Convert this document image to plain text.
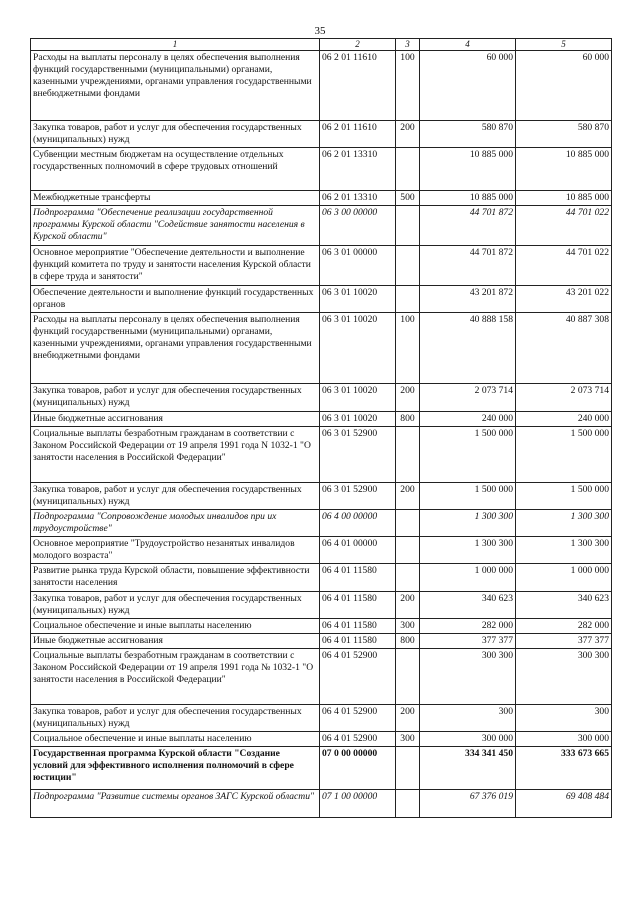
35
1	2	3	4	5
Расходы на выплаты персоналу в целях обеспечения выполнения функций государственными (муниципальными) органами, казенными учреждениями, органами управления государственными внебюджетными фондами	06 2 01 11610	100	60 000	60 000
Закупка товаров, работ и услуг для обеспечения государственных (муниципальных) нужд	06 2 01 11610	200	580 870	580 870
Субвенции местным бюджетам на осуществление отдельных государственных полномочий в сфере трудовых отношений	06 2 01 13310		10 885 000	10 885 000
Межбюджетные трансферты	06 2 01 13310	500	10 885 000	10 885 000
Подпрограмма "Обеспечение реализации государственной программы Курской области "Содействие занятости населения в Курской области"	06 3 00 00000		44 701 872	44 701 022
Основное мероприятие "Обеспечение деятельности и выполнение функций комитета по труду и занятости населения Курской области в сфере труда и занятости"	06 3 01 00000		44 701 872	44 701 022
Обеспечение деятельности и выполнение функций государственных органов	06 3 01 10020		43 201 872	43 201 022
Расходы на выплаты персоналу в целях обеспечения выполнения функций государственными (муниципальными) органами, казенными учреждениями, органами управления государственными внебюджетными фондами	06 3 01 10020	100	40 888 158	40 887 308
Закупка товаров, работ и услуг для обеспечения государственных (муниципальных) нужд	06 3 01 10020	200	2 073 714	2 073 714
Иные бюджетные ассигнования	06 3 01 10020	800	240 000	240 000
Социальные выплаты безработным гражданам в соответствии с Законом Российской Федерации от 19 апреля 1991 года N 1032-1 "О занятости населения в Российской Федерации"	06 3 01 52900		1 500 000	1 500 000
Закупка товаров, работ и услуг для обеспечения государственных (муниципальных) нужд	06 3 01 52900	200	1 500 000	1 500 000
Подпрограмма "Сопровождение молодых инвалидов при их трудоустройстве"	06 4 00 00000		1 300 300	1 300 300
Основное мероприятие "Трудоустройство незанятых инвалидов молодого возраста"	06 4 01 00000		1 300 300	1 300 300
Развитие рынка труда Курской области, повышение эффективности занятости населения	06 4 01 11580		1 000 000	1 000 000
Закупка товаров, работ и услуг для обеспечения государственных (муниципальных) нужд	06 4 01 11580	200	340 623	340 623
Социальное обеспечение и иные выплаты населению	06 4 01 11580	300	282 000	282 000
Иные бюджетные ассигнования	06 4 01 11580	800	377 377	377 377
Социальные выплаты безработным гражданам в соответствии с Законом Российской Федерации от 19 апреля 1991 года № 1032-1 "О занятости населения в Российской Федерации"	06 4 01 52900		300 300	300 300
Закупка товаров, работ и услуг для обеспечения государственных (муниципальных) нужд	06 4 01 52900	200	300	300
Социальное обеспечение и иные выплаты населению	06 4 01 52900	300	300 000	300 000
Государственная программа Курской области "Создание условий для эффективного исполнения полномочий в сфере юстиции"	07 0 00 00000		334 341 450	333 673 665
Подпрограмма "Развитие системы органов ЗАГС Курской области"	07 1 00 00000		67 376 019	69 408 484
